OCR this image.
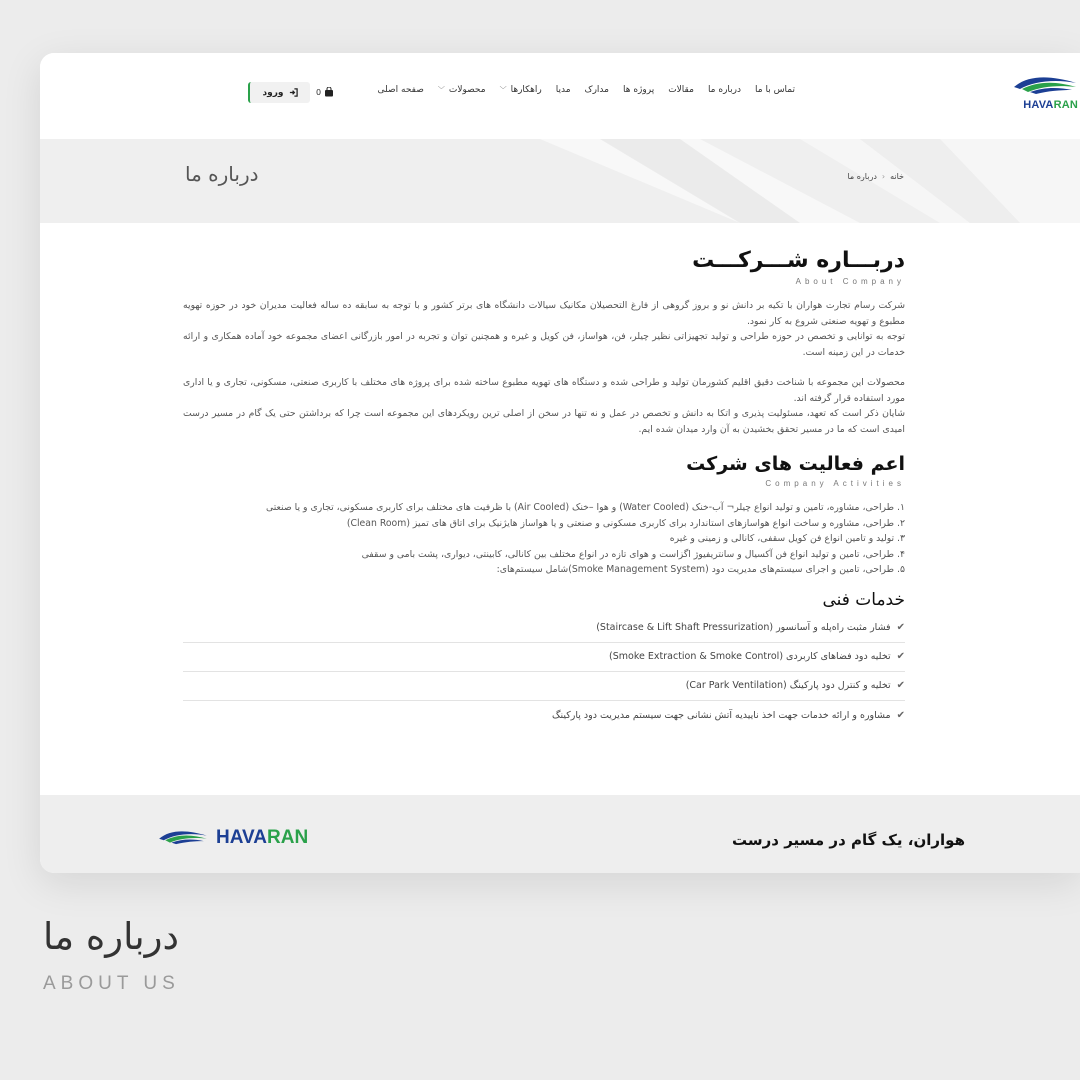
HAVARAN
صفحه اصلی	محصولات
﹀	راهکارها
﹀	مدیا مدارک پروژه ها مقالات درباره ما تماس با ما
0
ورود
درباره ما	خانه
‹
درباره ما
دربـــاره شـــرکـــت
About Company

شرکت رسام تجارت هواران با تکیه بر دانش نو و بروز گروهی از فارغ التحصیلان مکانیک سیالات دانشگاه های برتر کشور و با توجه به سابقه ده ساله فعالیت مدیران خود در حوزه تهویه مطبوع و تهویه صنعتی شروع به کار نمود.

توجه به توانایی و تخصص در حوزه طراحی و تولید تجهیزاتی نظیر چیلر، فن، هواساز، فن کویل و غیره و همچنین توان و تجربه در امور بازرگانی اعضای مجموعه خود آماده همکاری و ارائه خدمات در این زمینه است.

محصولات این مجموعه با شناخت دقیق اقلیم کشورمان تولید و طراحی شده و دستگاه های تهویه مطبوع ساخته شده برای پروژه های مختلف با کاربری صنعتی، مسکونی، تجاری و یا اداری مورد استفاده قرار گرفته اند.

شایان ذکر است که تعهد، مسئولیت پذیری و اتکا به دانش و تخصص در عمل و نه تنها در سخن از اصلی ترین رویکردهای این مجموعه است چرا که برداشتن حتی یک گام در مسیر درست امیدی است که ما در مسیر تحقق بخشیدن به آن وارد میدان شده ایم.

اعم فعالیت های شرکت
Company Activities
۱. طراحی، مشاوره، تامین و تولید انواع چیلر¬ آب-خنک (Water Cooled) و هوا –خنک (Air Cooled) با ظرفیت های مختلف برای کاربری مسکونی، تجاری و یا صنعتی
۲. طراحی، مشاوره و ساخت انواع هواسازهای استاندارد برای کاربری مسکونی و صنعتی و یا هواساز هایژنیک برای اتاق های تمیز (Clean Room)
۳. تولید و تامین انواع فن کویل سقفی، کانالی و زمینی و غیره
۴. طراحی، تامین و تولید انواع فن آکسیال و سانتریفیوژ اگزاست و هوای تازه در انواع مختلف بین کانالی، کابینتی، دیواری، پشت بامی و سقفی
۵. طراحی، تامین و اجرای سیستم‌های مدیریت دود (Smoke Management System)شامل سیستم‌های:
خدمات فنی
✔
فشار مثبت راه‌پله و آسانسور (Staircase & Lift Shaft Pressurization)
✔
تخلیه دود فضاهای کاربردی (Smoke Extraction & Smoke Control)
✔
تخلیه و کنترل دود پارکینگ (Car Park Ventilation)
✔
مشاوره و ارائه خدمات جهت اخذ ناییدیه آتش نشانی جهت سیستم مدیریت دود پارکینگ
هواران، یک گام در مسیر درست
HAVARAN
درباره ما
ABOUT US
